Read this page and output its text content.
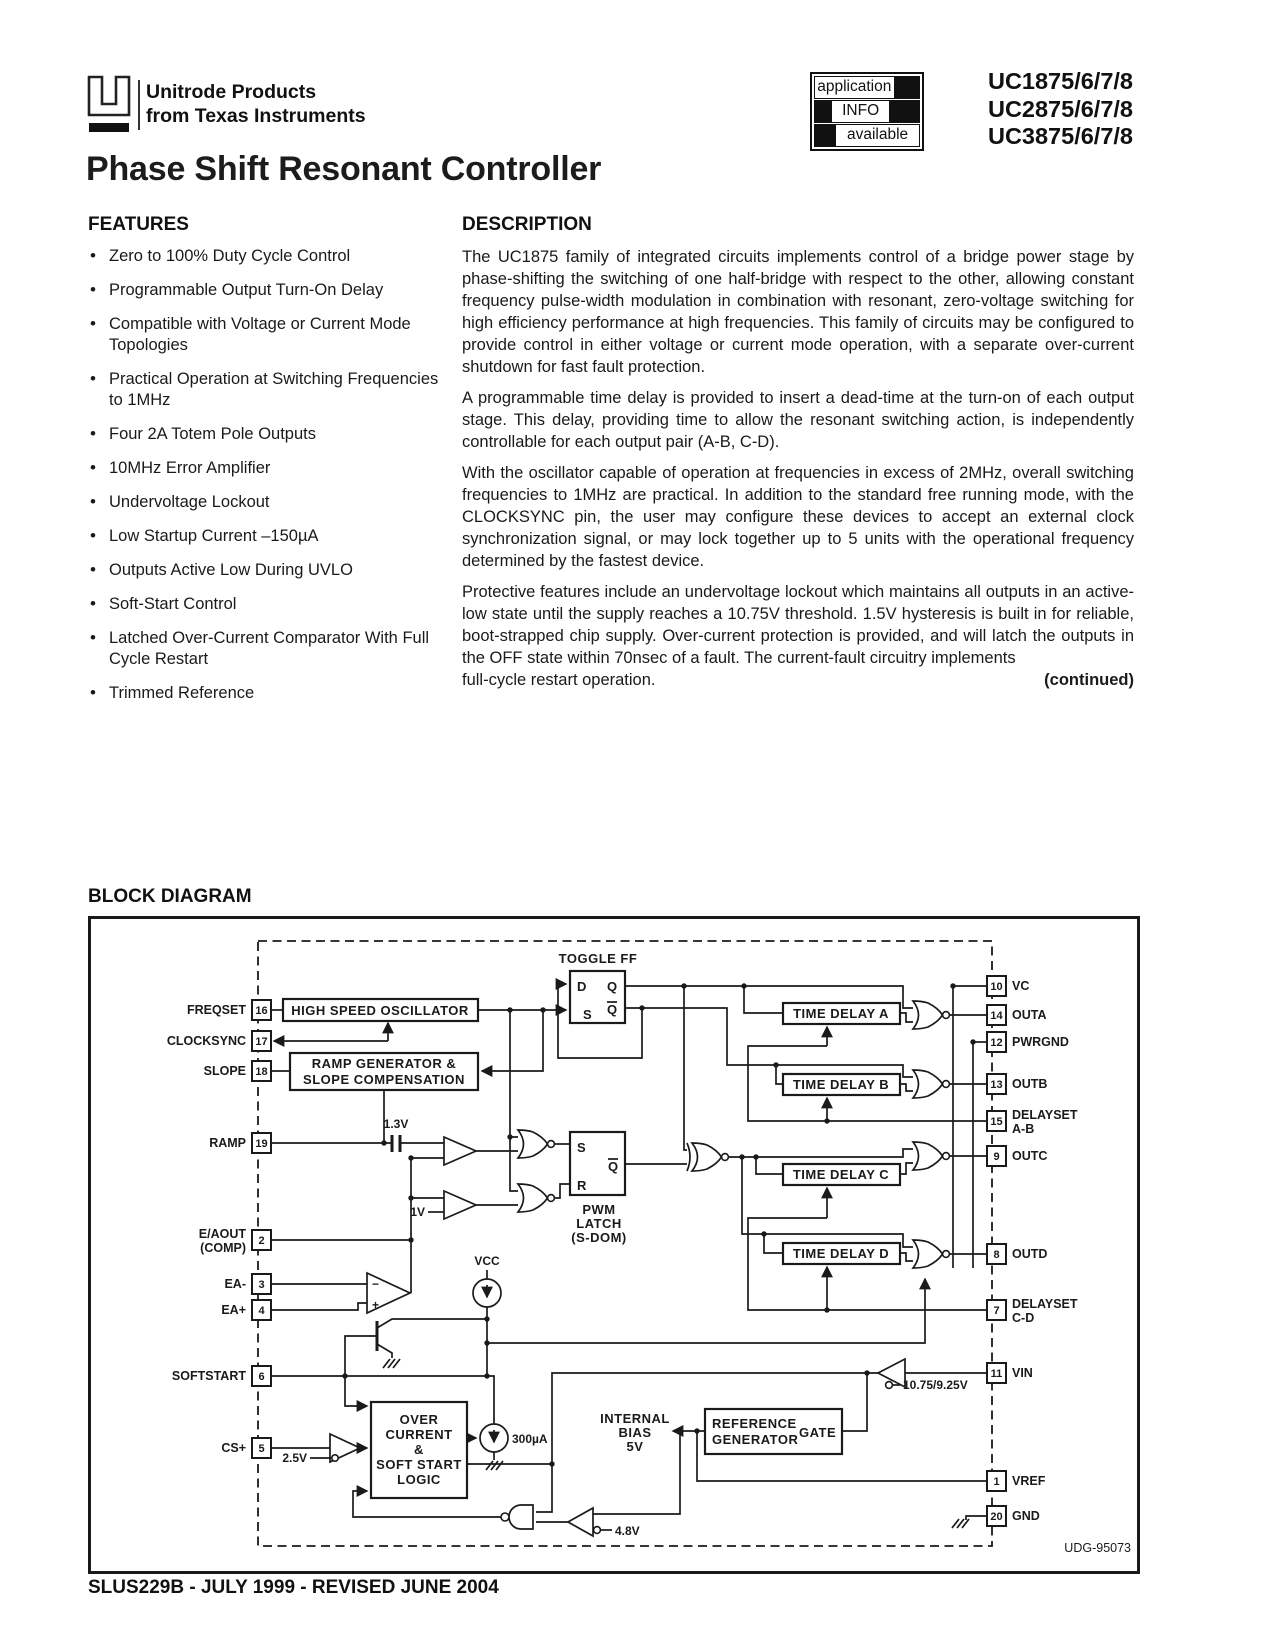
Unitrode Products
from Texas Instruments
application
INFO
available
UC1875/6/7/8
UC2875/6/7/8
UC3875/6/7/8
Phase Shift Resonant Controller
FEATURES
• Zero to 100% Duty Cycle Control
• Programmable Output Turn-On Delay
• Compatible with Voltage or Current Mode Topologies
• Practical Operation at Switching Frequencies to 1MHz
• Four 2A Totem Pole Outputs
• 10MHz Error Amplifier
• Undervoltage Lockout
• Low Startup Current –150µA
• Outputs Active Low During UVLO
• Soft-Start Control
• Latched Over-Current Comparator With Full Cycle Restart
• Trimmed Reference
DESCRIPTION

The UC1875 family of integrated circuits implements control of a bridge power stage by phase-shifting the switching of one half-bridge with respect to the other, allowing constant frequency pulse-width modulation in combination with resonant, zero-voltage switching for high efficiency performance at high frequencies. This family of circuits may be configured to provide control in either voltage or current mode operation, with a separate over-current shutdown for fast fault protection.

A programmable time delay is provided to insert a dead-time at the turn-on of each output stage. This delay, providing time to allow the resonant switching action, is independently controllable for each output pair (A-B, C-D).

With the oscillator capable of operation at frequencies in excess of 2MHz, overall switching frequencies to 1MHz are practical. In addition to the standard free running mode, with the CLOCKSYNC pin, the user may configure these devices to accept an external clock synchronization signal, or may lock together up to 5 units with the operational frequency determined by the fastest device.

Protective features include an undervoltage lockout which maintains all outputs in an active-low state until the supply reaches a 10.75V threshold. 1.5V hysteresis is built in for reliable, boot-strapped chip supply. Over-current protection is provided, and will latch the outputs in the OFF state within 70nsec of a fault. The current-fault circuitry implements

full-cycle restart operation.	(continued)
BLOCK DIAGRAM
HIGH SPEED OSCILLATOR
RAMP GENERATOR &
SLOPE COMPENSATION
TOGGLE FF
D Q
S Q	TIME DELAY A
TIME DELAY B
TIME DELAY C
TIME DELAY D
S
R
Q
PWM
LATCH
(S-DOM)
OVER
CURRENT
&
SOFT START
LOGIC
INTERNAL
BIAS
5V
REFERENCE
GENERATOR GATE
−
+
1.3V
1V
VCC
300µA
2.5V
4.8V
10.75/9.25V
UDG-95073
16
FREQSET
17
CLOCKSYNC
18
SLOPE
19
RAMP
2
E/AOUT
(COMP)
3
EA-
4
EA+
6
SOFTSTART
5
CS+
10 VC
14 OUTA
12 PWRGND
13 OUTB
15 DELAYSET
A-B
9 OUTC
8 OUTD
7 DELAYSET
C-D
11 VIN
1 VREF
20 GND
SLUS229B - JULY 1999 - REVISED JUNE 2004
